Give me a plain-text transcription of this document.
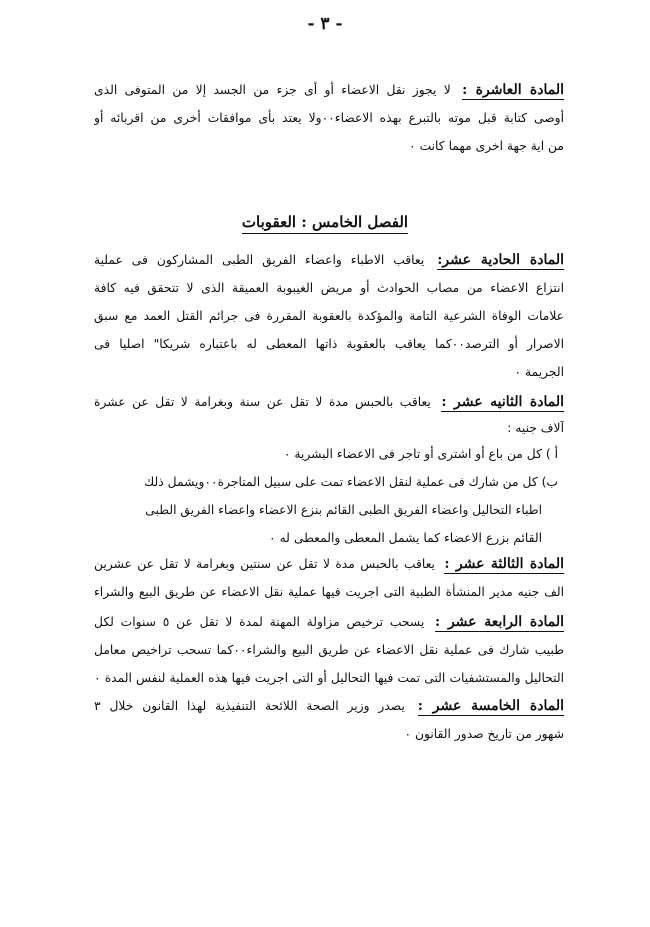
- ٣ -
المادة العاشرة : لا يجوز نقل الاعضاء أو أى جزء من الجسد إلا من المتوفى الذى
أوصى كتابة قبل موته بالتبرع بهذه الاعضاء٠٠ولا يعتد بأى موافقات أخرى من اقربائه أو
من اية جهة اخرى مهما كانت ٠
الفصل الخامس : العقوبات
المادة الحادية عشر: يعاقب الاطباء واعضاء الفريق الطبى المشاركون فى عملية
انتزاع الاعضاء من مصاب الحوادث أو مريض الغيبوبة العميقة الذى لا تتحقق فيه كافة
علامات الوفاة الشرعية التامة والمؤكدة بالعقوبة المقررة فى جرائم القتل العمد مع سبق
الاصرار أو الترصد٠٠كما يعاقب بالعقوبة ذاتها المعطى له باعتباره شريكا" اصليا فى
الجريمة ٠
المادة الثانيه عشر : يعاقب بالحبس مدة لا تقل عن سنة وبغرامة لا تقل عن عشرة
آلاف جنيه :
أ ) كل من باع أو اشترى أو تاجر فى الاعضاء البشرية ٠
ب) كل من شارك فى عملية لنقل الاعضاء تمت على سبيل المتاجرة٠٠ويشمل ذلك
اطباء التحاليل واعضاء الفريق الطبى القائم بنزع الاعضاء واعضاء الفريق الطبى
القائم بزرع الاعضاء كما يشمل المعطى والمعطى له ٠
المادة الثالثة عشر : يعاقب بالحبس مدة لا تقل عن سنتين وبغرامة لا تقل عن عشرين
الف جنيه مدير المنشأة الطبية التى اجريت فيها عملية نقل الاعضاء عن طريق البيع والشراء
المادة الرابعة عشر : يسحب ترخيص مزاولة المهنة لمدة لا تقل عن ٥ سنوات لكل
طبيب شارك فى عملية نقل الاعضاء عن طريق البيع والشراء٠٠كما تسحب تراخيص معامل
التحاليل والمستشفيات التى تمت فيها التحاليل أو التى اجريت فيها هذه العملية لنفس المدة ٠
المادة الخامسة عشر : يصدر وزير الصحة اللائحة التنفيذية لهذا القانون خلال ٣
شهور من تاريخ صدور القانون ٠
